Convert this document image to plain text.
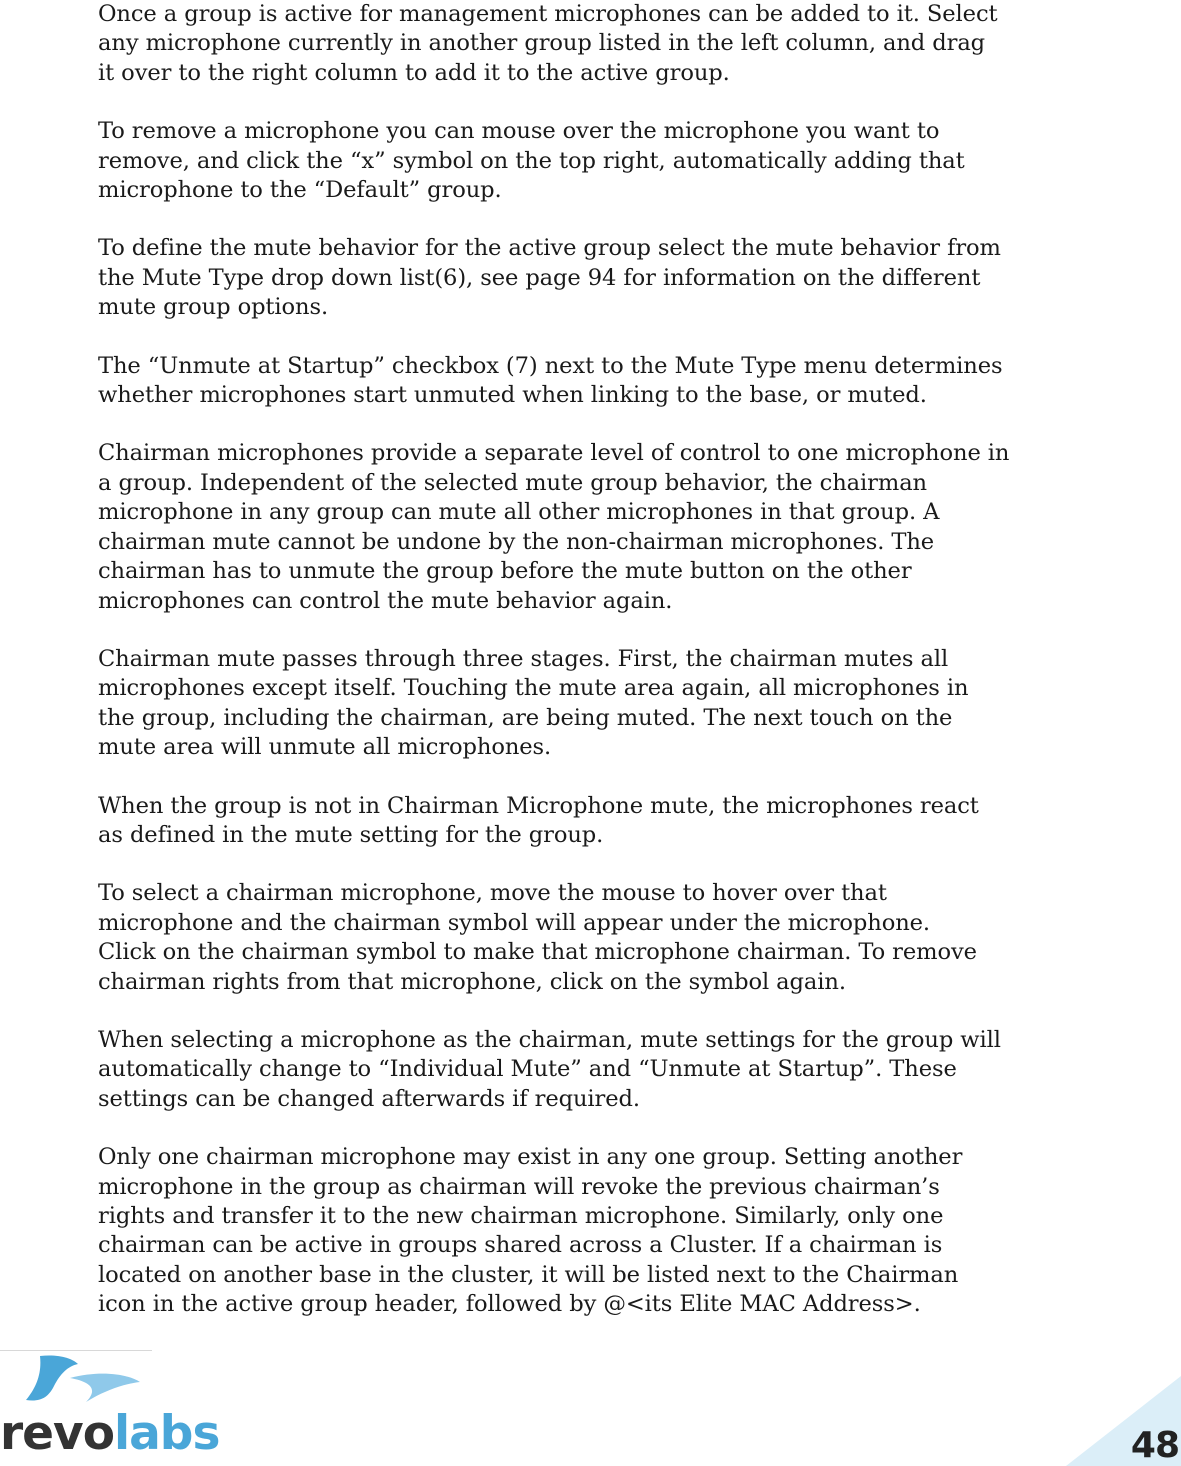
Once a group is active for management microphones can be added to it. Select
any microphone currently in another group listed in the left column, and drag
it over to the right column to add it to the active group.

To remove a microphone you can mouse over the microphone you want to
remove, and click the “x” symbol on the top right, automatically adding that
microphone to the “Default” group.

To define the mute behavior for the active group select the mute behavior from
the Mute Type drop down list(6), see page 94 for information on the different
mute group options.

The “Unmute at Startup” checkbox (7) next to the Mute Type menu determines
whether microphones start unmuted when linking to the base, or muted.

Chairman microphones provide a separate level of control to one microphone in
a group. Independent of the selected mute group behavior, the chairman
microphone in any group can mute all other microphones in that group. A
chairman mute cannot be undone by the non-chairman microphones. The
chairman has to unmute the group before the mute button on the other
microphones can control the mute behavior again.

Chairman mute passes through three stages. First, the chairman mutes all
microphones except itself. Touching the mute area again, all microphones in
the group, including the chairman, are being muted. The next touch on the
mute area will unmute all microphones.

When the group is not in Chairman Microphone mute, the microphones react
as defined in the mute setting for the group.

To select a chairman microphone, move the mouse to hover over that
microphone and the chairman symbol will appear under the microphone.
Click on the chairman symbol to make that microphone chairman. To remove
chairman rights from that microphone, click on the symbol again.

When selecting a microphone as the chairman, mute settings for the group will
automatically change to “Individual Mute” and “Unmute at Startup”. These
settings can be changed afterwards if required.

Only one chairman microphone may exist in any one group. Setting another
microphone in the group as chairman will revoke the previous chairman’s
rights and transfer it to the new chairman microphone. Similarly, only one
chairman can be active in groups shared across a Cluster. If a chairman is
located on another base in the cluster, it will be listed next to the Chairman
icon in the active group header, followed by @<its Elite MAC Address>.

revolabs	48
